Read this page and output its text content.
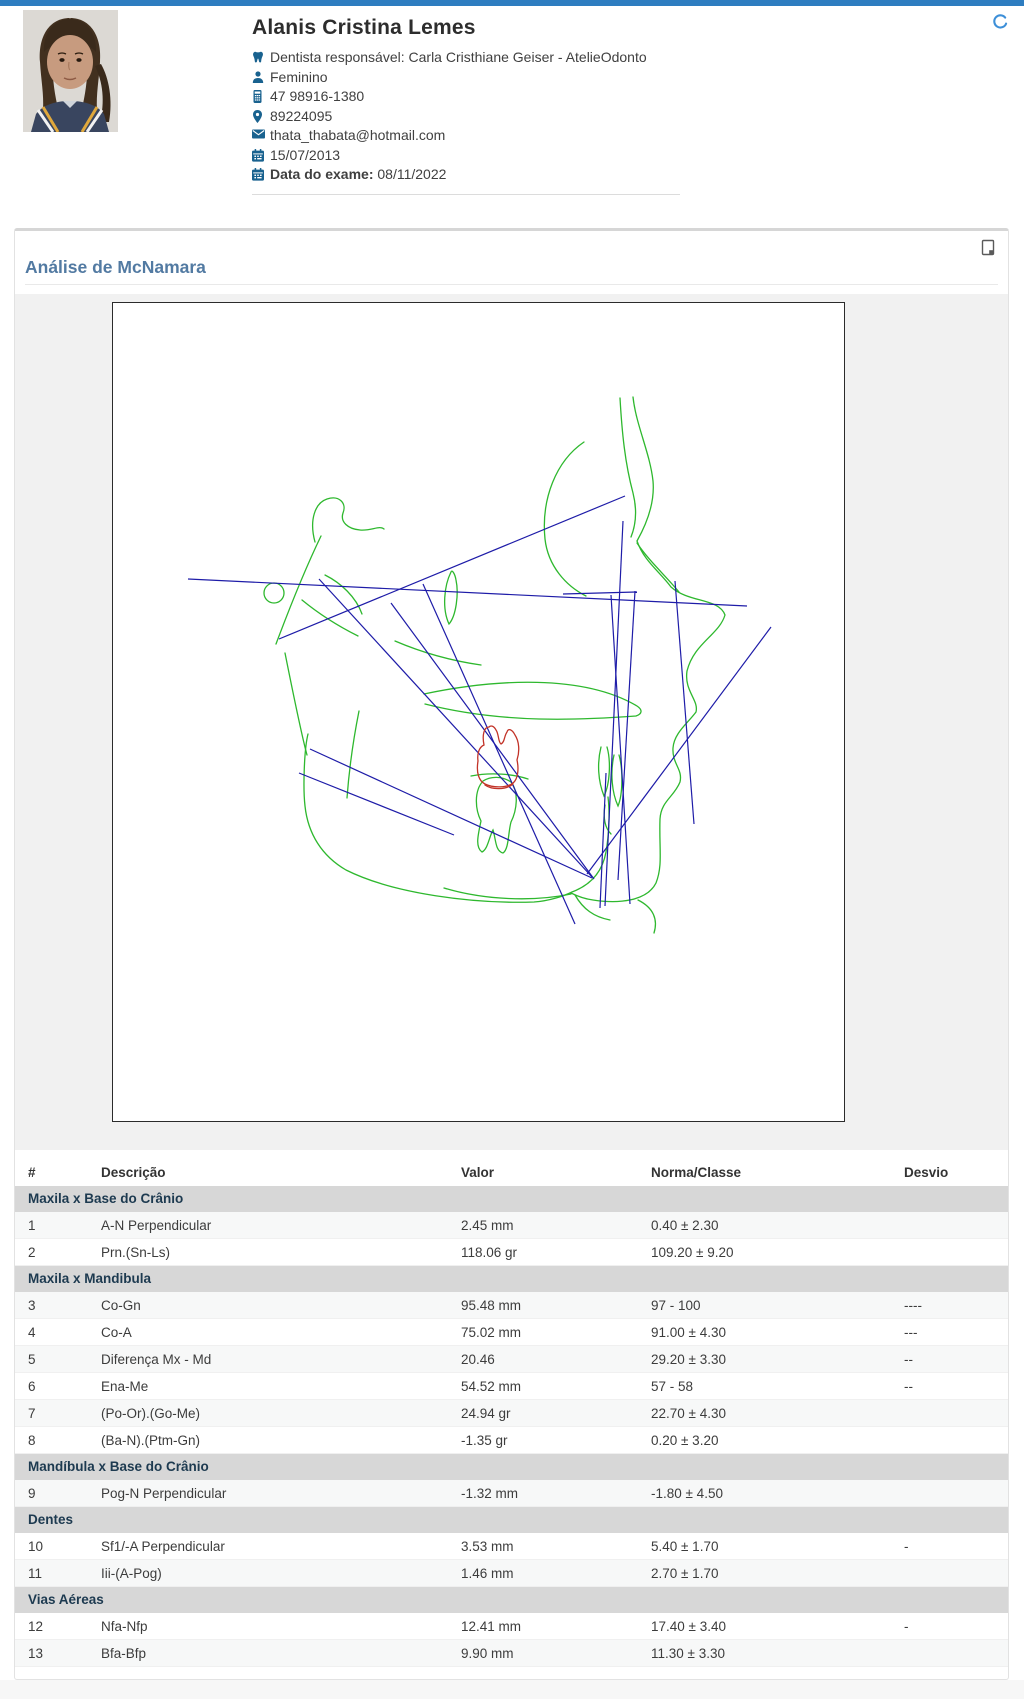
Alanis Cristina Lemes
Dentista responsável: Carla Cristhiane Geiser - AtelieOdonto
Feminino
47 98916-1380
89224095
thata_thabata@hotmail.com
15/07/2013
Data do exame: 08/11/2022
Análise de McNamara
#	Descrição	Valor	Norma/Classe	Desvio
Maxila x Base do Crânio
1	A-N Perpendicular	2.45 mm	0.40 ± 2.30
2	Prn.(Sn-Ls)	118.06 gr	109.20 ± 9.20
Maxila x Mandibula
3	Co-Gn	95.48 mm	97 - 100	----
4	Co-A	75.02 mm	91.00 ± 4.30	---
5	Diferença Mx - Md	20.46	29.20 ± 3.30	--
6	Ena-Me	54.52 mm	57 - 58	--
7	(Po-Or).(Go-Me)	24.94 gr	22.70 ± 4.30
8	(Ba-N).(Ptm-Gn)	-1.35 gr	0.20 ± 3.20
Mandíbula x Base do Crânio
9	Pog-N Perpendicular	-1.32 mm	-1.80 ± 4.50
Dentes
10	Sf1/-A Perpendicular	3.53 mm	5.40 ± 1.70	-
11	Iii-(A-Pog)	1.46 mm	2.70 ± 1.70
Vias Aéreas
12	Nfa-Nfp	12.41 mm	17.40 ± 3.40	-
13	Bfa-Bfp	9.90 mm	11.30 ± 3.30
